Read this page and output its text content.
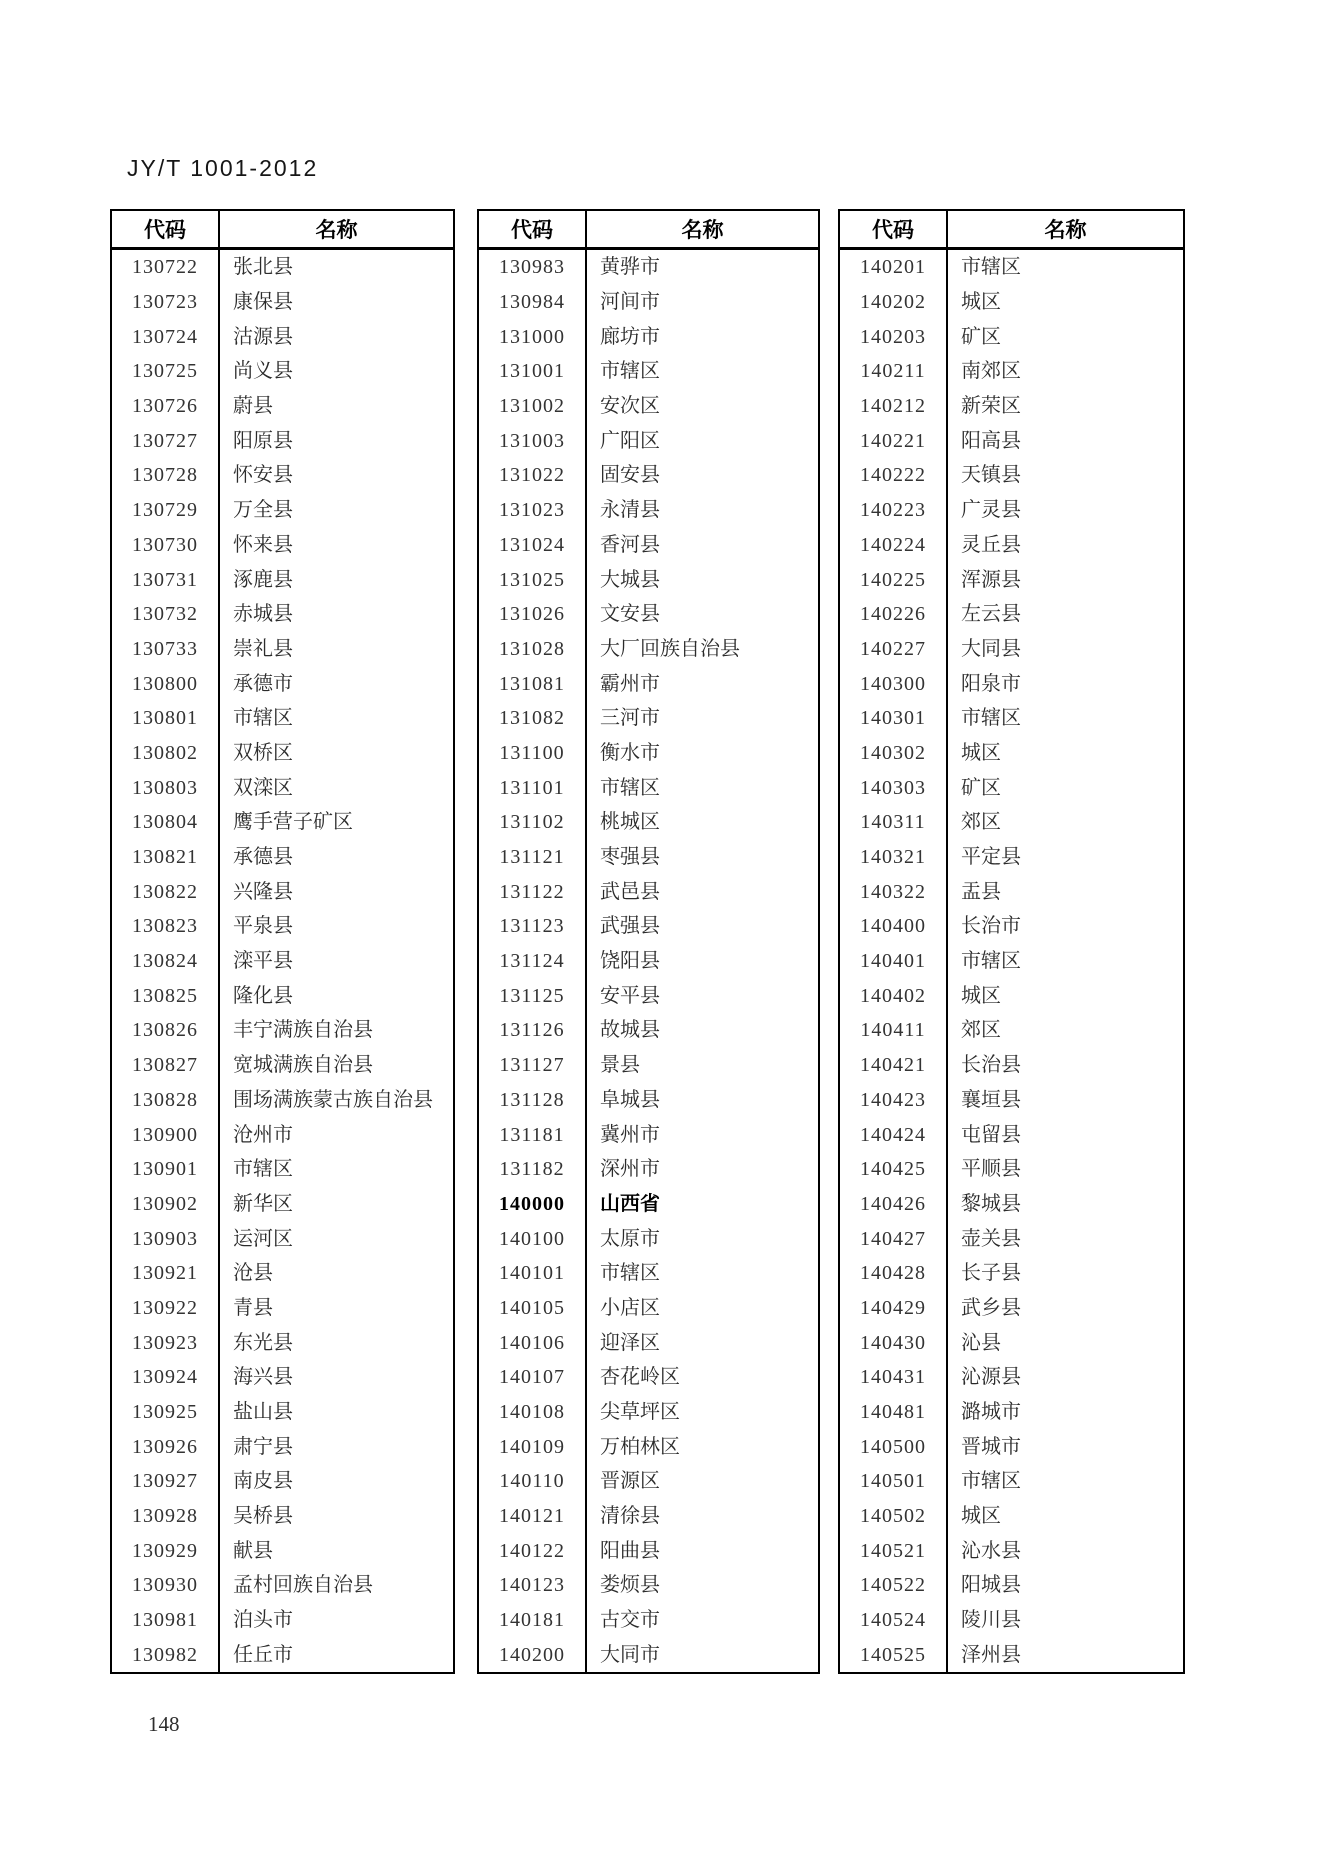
JY/T 1001-2012
代码	名称
130722	张北县
130723	康保县
130724	沽源县
130725	尚义县
130726	蔚县
130727	阳原县
130728	怀安县
130729	万全县
130730	怀来县
130731	涿鹿县
130732	赤城县
130733	崇礼县
130800	承德市
130801	市辖区
130802	双桥区
130803	双滦区
130804	鹰手营子矿区
130821	承德县
130822	兴隆县
130823	平泉县
130824	滦平县
130825	隆化县
130826	丰宁满族自治县
130827	宽城满族自治县
130828	围场满族蒙古族自治县
130900	沧州市
130901	市辖区
130902	新华区
130903	运河区
130921	沧县
130922	青县
130923	东光县
130924	海兴县
130925	盐山县
130926	肃宁县
130927	南皮县
130928	吴桥县
130929	献县
130930	孟村回族自治县
130981	泊头市
130982	任丘市
代码	名称
130983	黄骅市
130984	河间市
131000	廊坊市
131001	市辖区
131002	安次区
131003	广阳区
131022	固安县
131023	永清县
131024	香河县
131025	大城县
131026	文安县
131028	大厂回族自治县
131081	霸州市
131082	三河市
131100	衡水市
131101	市辖区
131102	桃城区
131121	枣强县
131122	武邑县
131123	武强县
131124	饶阳县
131125	安平县
131126	故城县
131127	景县
131128	阜城县
131181	冀州市
131182	深州市
140000	山西省
140100	太原市
140101	市辖区
140105	小店区
140106	迎泽区
140107	杏花岭区
140108	尖草坪区
140109	万柏林区
140110	晋源区
140121	清徐县
140122	阳曲县
140123	娄烦县
140181	古交市
140200	大同市
代码	名称
140201	市辖区
140202	城区
140203	矿区
140211	南郊区
140212	新荣区
140221	阳高县
140222	天镇县
140223	广灵县
140224	灵丘县
140225	浑源县
140226	左云县
140227	大同县
140300	阳泉市
140301	市辖区
140302	城区
140303	矿区
140311	郊区
140321	平定县
140322	盂县
140400	长治市
140401	市辖区
140402	城区
140411	郊区
140421	长治县
140423	襄垣县
140424	屯留县
140425	平顺县
140426	黎城县
140427	壶关县
140428	长子县
140429	武乡县
140430	沁县
140431	沁源县
140481	潞城市
140500	晋城市
140501	市辖区
140502	城区
140521	沁水县
140522	阳城县
140524	陵川县
140525	泽州县
148
